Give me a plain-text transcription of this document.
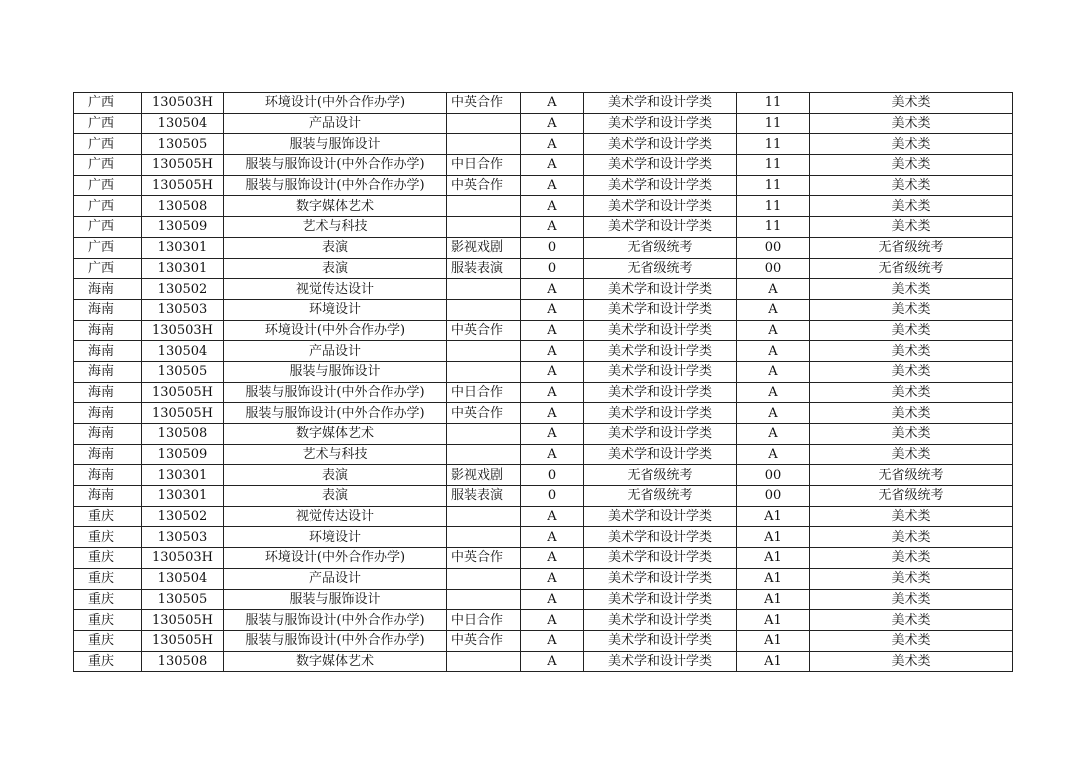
广西	130503H	环境设计(中外合作办学)	中英合作	A	美术学和设计学类	11	美术类
广西	130504	产品设计		A	美术学和设计学类	11	美术类
广西	130505	服装与服饰设计		A	美术学和设计学类	11	美术类
广西	130505H	服装与服饰设计(中外合作办学)	中日合作	A	美术学和设计学类	11	美术类
广西	130505H	服装与服饰设计(中外合作办学)	中英合作	A	美术学和设计学类	11	美术类
广西	130508	数字媒体艺术		A	美术学和设计学类	11	美术类
广西	130509	艺术与科技		A	美术学和设计学类	11	美术类
广西	130301	表演	影视戏剧	0	无省级统考	00	无省级统考
广西	130301	表演	服装表演	0	无省级统考	00	无省级统考
海南	130502	视觉传达设计		A	美术学和设计学类	A	美术类
海南	130503	环境设计		A	美术学和设计学类	A	美术类
海南	130503H	环境设计(中外合作办学)	中英合作	A	美术学和设计学类	A	美术类
海南	130504	产品设计		A	美术学和设计学类	A	美术类
海南	130505	服装与服饰设计		A	美术学和设计学类	A	美术类
海南	130505H	服装与服饰设计(中外合作办学)	中日合作	A	美术学和设计学类	A	美术类
海南	130505H	服装与服饰设计(中外合作办学)	中英合作	A	美术学和设计学类	A	美术类
海南	130508	数字媒体艺术		A	美术学和设计学类	A	美术类
海南	130509	艺术与科技		A	美术学和设计学类	A	美术类
海南	130301	表演	影视戏剧	0	无省级统考	00	无省级统考
海南	130301	表演	服装表演	0	无省级统考	00	无省级统考
重庆	130502	视觉传达设计		A	美术学和设计学类	A1	美术类
重庆	130503	环境设计		A	美术学和设计学类	A1	美术类
重庆	130503H	环境设计(中外合作办学)	中英合作	A	美术学和设计学类	A1	美术类
重庆	130504	产品设计		A	美术学和设计学类	A1	美术类
重庆	130505	服装与服饰设计		A	美术学和设计学类	A1	美术类
重庆	130505H	服装与服饰设计(中外合作办学)	中日合作	A	美术学和设计学类	A1	美术类
重庆	130505H	服装与服饰设计(中外合作办学)	中英合作	A	美术学和设计学类	A1	美术类
重庆	130508	数字媒体艺术		A	美术学和设计学类	A1	美术类
